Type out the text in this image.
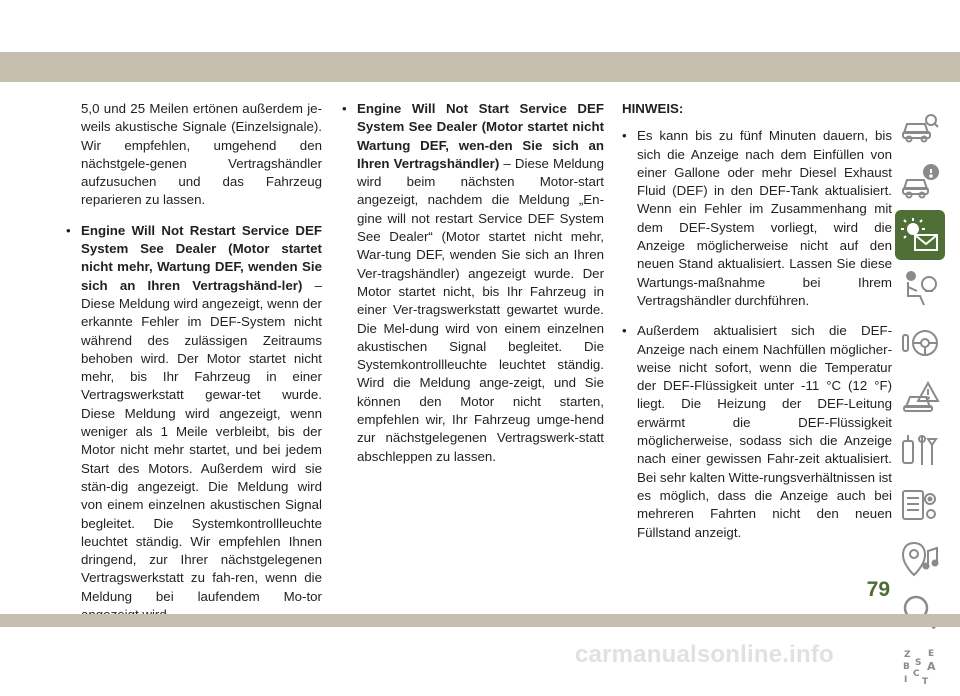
5,0 und 25 Meilen ertönen außerdem je-weils akustische Signale (Einzelsignale). Wir empfehlen, umgehend den nächstgele-genen Vertragshändler aufzusuchen und das Fahrzeug reparieren zu lassen.

• Engine Will Not Restart Service DEF System See Dealer (Motor startet nicht mehr, Wartung DEF, wenden Sie sich an Ihren Vertragshänd-ler) – Diese Meldung wird angezeigt, wenn der erkannte Fehler im DEF-System nicht während des zulässigen Zeitraums behoben wird. Der Motor startet nicht mehr, bis Ihr Fahrzeug in einer Vertragswerkstatt gewar-tet wurde. Diese Meldung wird angezeigt, wenn weniger als 1 Meile verbleibt, bis der Motor nicht mehr startet, und bei jedem Start des Motors. Außerdem wird sie stän-dig angezeigt. Die Meldung wird von einem einzelnen akustischen Signal begleitet. Die Systemkontrollleuchte leuchtet ständig. Wir empfehlen Ihnen dringend, zur Ihrer nächstgelegenen Vertragswerkstatt zu fah-ren, wenn die Meldung bei laufendem Mo-tor

• Engine Will Not Start Service DEF System See Dealer (Motor startet nicht Wartung DEF, wen-den Sie sich an Ihren Vertragshändler) – Diese Meldung wird beim nächsten Motor-start angezeigt, nachdem die Meldung „En-gine will not restart Service DEF System See Dealer“ (Motor startet nicht mehr, War-tung DEF, wenden Sie sich an Ihren Ver-tragshändler) angezeigt wurde. Der Motor startet nicht, bis Ihr Fahrzeug in einer Ver-tragswerkstatt gewartet wurde. Die Mel-dung wird von einem einzelnen akustischen Signal begleitet. Die Systemkontrollleuchte leuchtet ständig. Wird die Meldung ange-zeigt, und Sie können den Motor nicht starten, empfehlen wir, Ihr Fahrzeug umge-hend zur nächstgelegenen Vertragswerk-statt abschleppen zu lassen.

HINWEIS:

• Es kann bis zu fünf Minuten dauern, bis sich die Anzeige nach dem Einfüllen von einer Gallone oder mehr Diesel Exhaust Fluid (DEF) in den DEF-Tank aktualisiert. Wenn ein Fehler im Zusammenhang mit dem DEF-System vorliegt, wird die Anzeige möglicherweise nicht auf den neuen Stand aktualisiert. Lassen Sie diese Wartungs-maßnahme bei Ihrem Vertragshändler durchführen.

• Außerdem aktualisiert sich die DEF-Anzeige nach einem Nachfüllen möglicher-weise nicht sofort, wenn die Temperatur der DEF-Flüssigkeit unter -11 °C (12 °F) liegt. Die Heizung der DEF-Leitung erwärmt die DEF-Flüssigkeit möglicherweise, sodass sich die Anzeige nach einer gewissen Fahr-zeit aktualisiert. Bei sehr kalten Witte-rungsverhältnissen ist es möglich, dass die Anzeige auch bei mehreren Fahrten nicht den neuen Füllstand anzeigt.

Z E
B S A
C
I T
79
carmanualsonline.info
